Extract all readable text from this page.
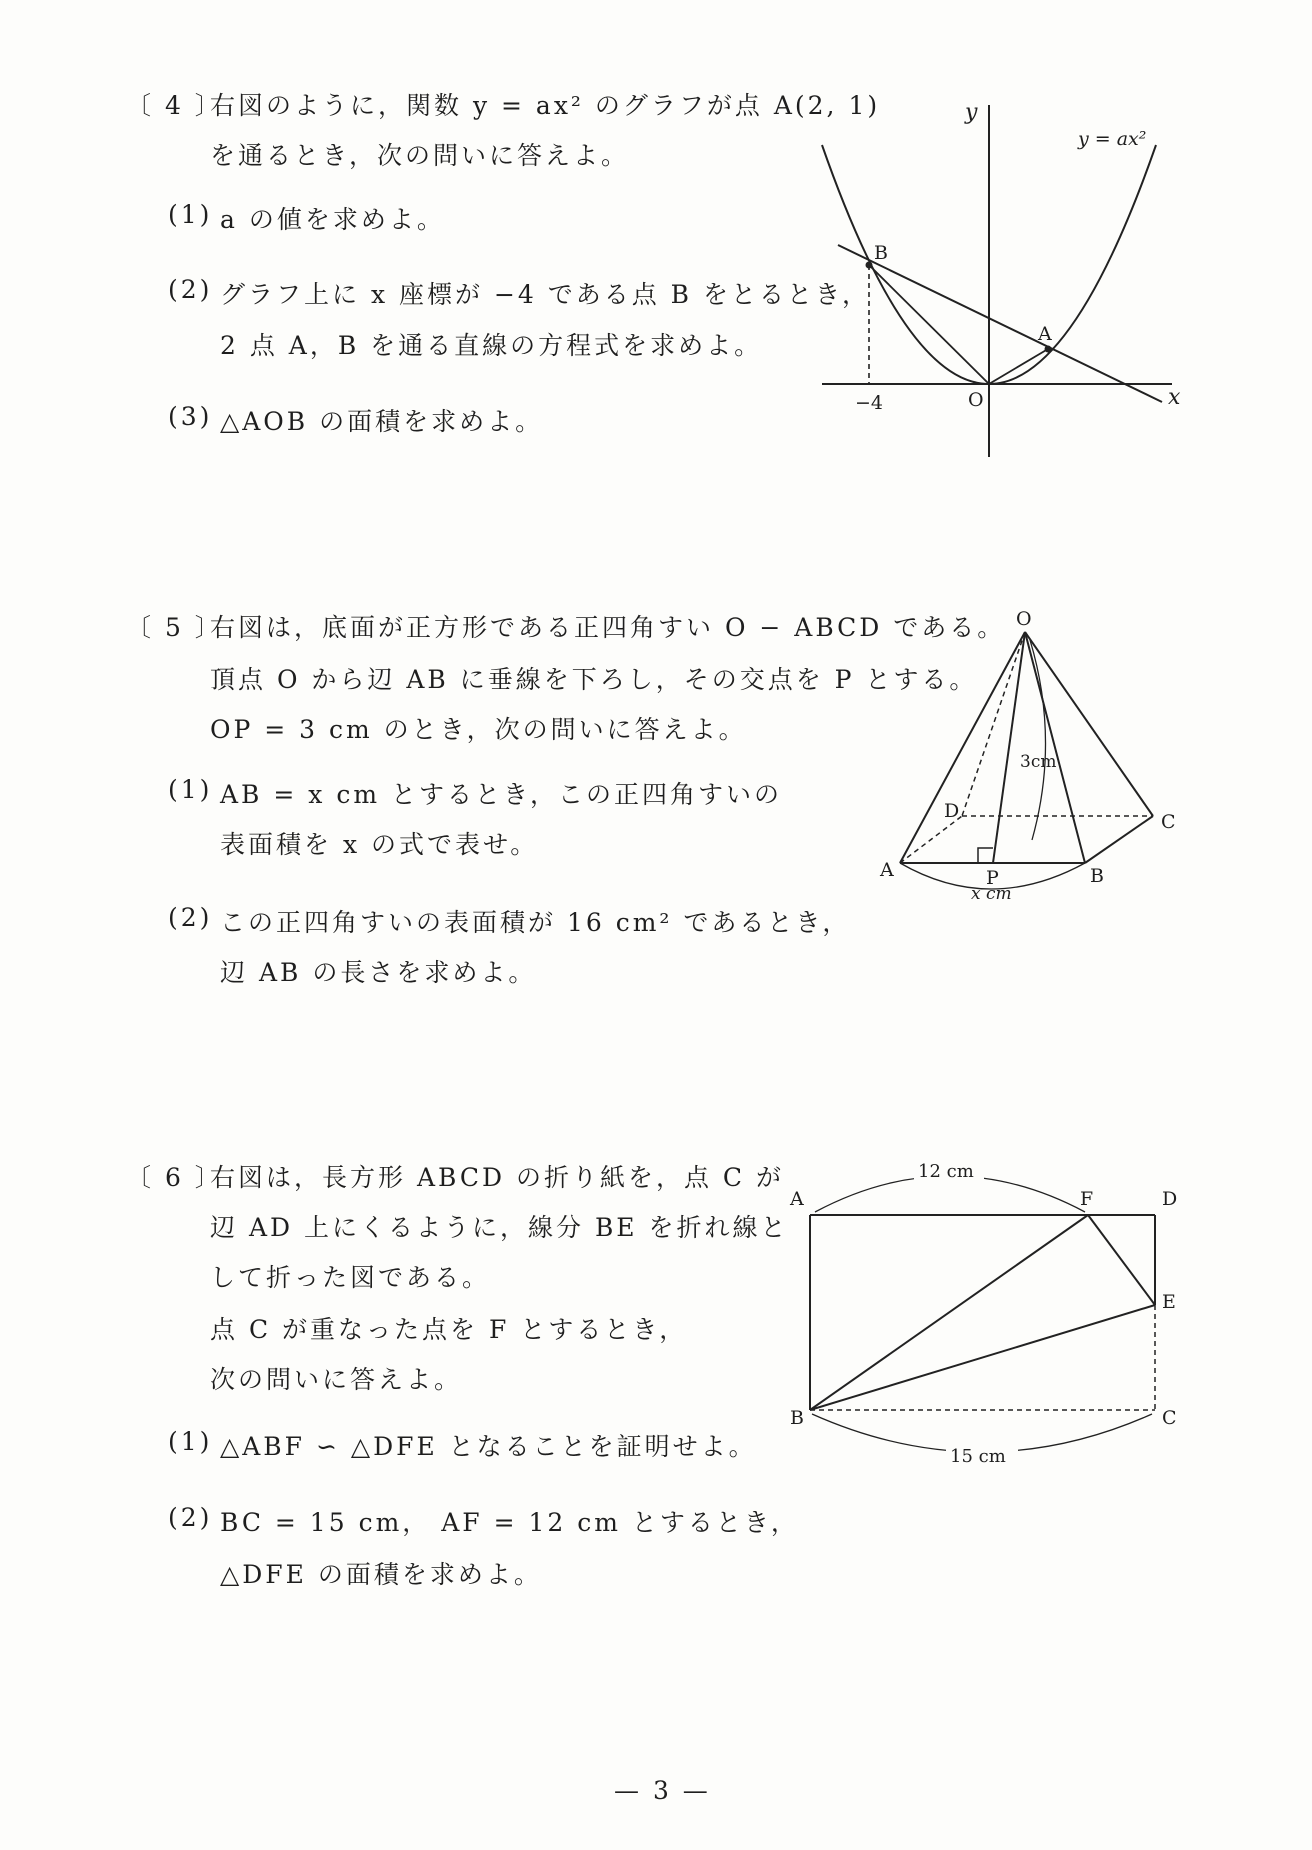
〔 4 〕
右図のように，関数 y = ax² のグラフが点 A(2, 1)
を通るとき，次の問いに答えよ。
(1) a の値を求めよ。
(2) グラフ上に x 座標が −4 である点 B をとるとき，
2 点 A，B を通る直線の方程式を求めよ。
(3) △AOB の面積を求めよ。
y
x
y = ax²
B
A
O
−4
〔 5 〕
右図は，底面が正方形である正四角すい O − ABCD である。
頂点 O から辺 AB に垂線を下ろし，その交点を P とする。
OP = 3 cm のとき，次の問いに答えよ。
(1) AB = x cm とするとき，この正四角すいの
表面積を x の式で表せ。
(2) この正四角すいの表面積が 16 cm² であるとき，
辺 AB の長さを求めよ。
O
A	B
C
D
P
3cm
x cm
〔 6 〕
右図は，長方形 ABCD の折り紙を，点 C が
辺 AD 上にくるように，線分 BE を折れ線と
して折った図である。
点 C が重なった点を F とするとき，
次の問いに答えよ。
(1) △ABF ∽ △DFE となることを証明せよ。
(2) BC = 15 cm， AF = 12 cm とするとき，
△DFE の面積を求めよ。
12 cm
15 cm
A	F	D
E
B	C
— 3 —
